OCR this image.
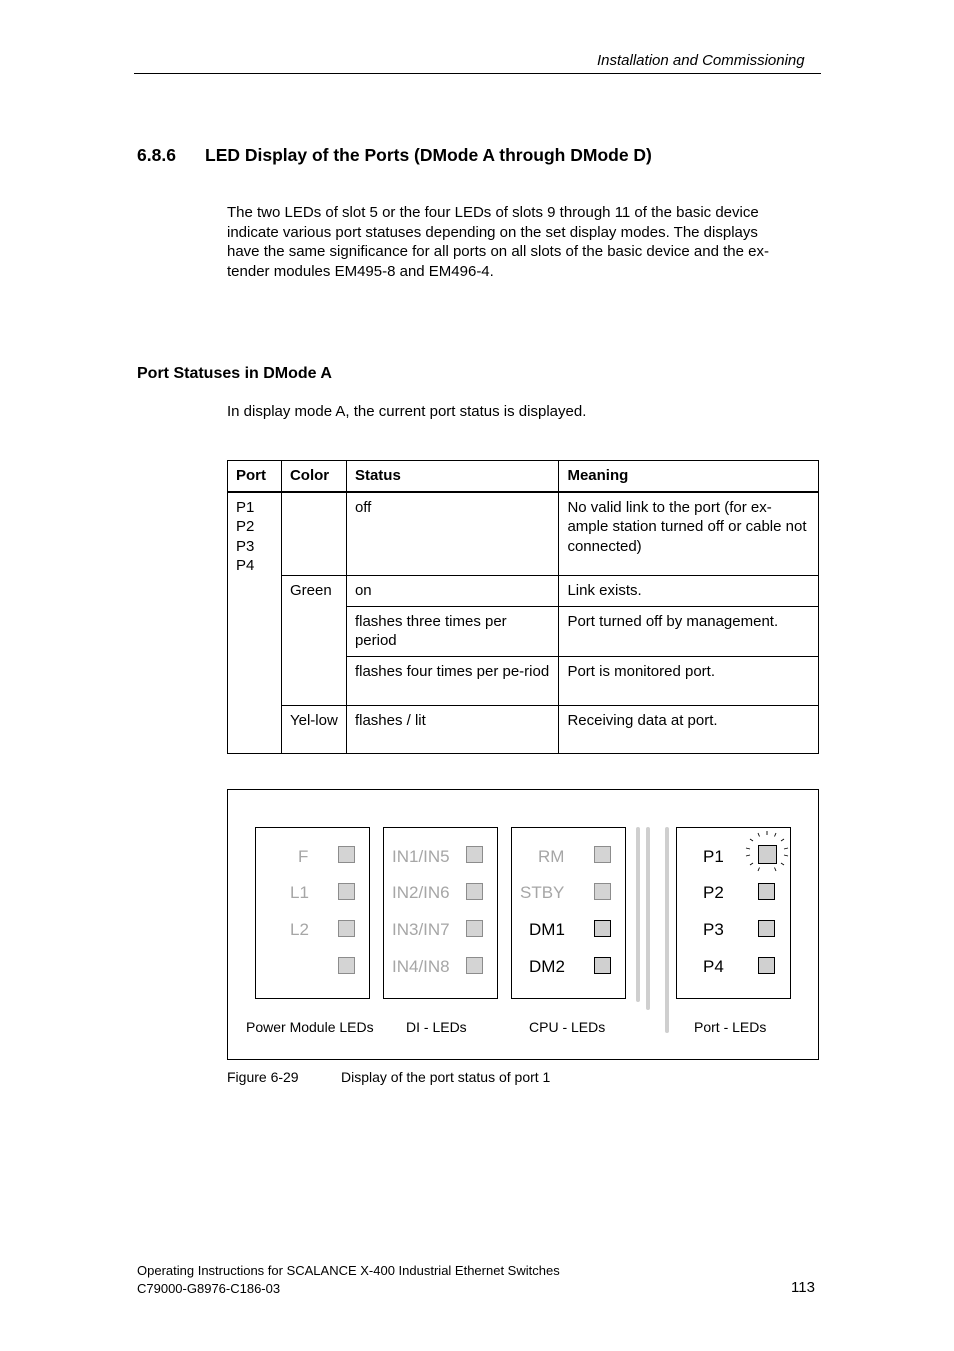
Installation and Commissioning
6.8.6 LED Display of the Ports (DMode A through DMode D)
The two LEDs of slot 5 or the four LEDs of slots 9 through 11 of the basic device
indicate various port statuses depending on the set display modes. The displays
have the same significance for all ports on all slots of the basic device and the ex-
tender modules EM495-8 and EM496-4.
Port Statuses in DMode A
In display mode A, the current port status is displayed.
Port	Color	Status	Meaning

P1
P2
P3
P4		off	No valid link to the port (for ex-ample station turned off or cable not connected)
	Green	on	Link exists.
		flashes three times per period	Port turned off by management.
		flashes four times per pe-riod	Port is monitored port.
	Yel-low	flashes / lit	Receiving data at port.
F
L1
L2
IN1/IN5
IN2/IN6
IN3/IN7
IN4/IN8
RM
STBY
DM1
DM2
P1
P2
P3
P4
Power Module LEDs DI - LEDs	CPU - LEDs	Port - LEDs
Figure 6-29	Display of the port status of port 1
Operating Instructions for SCALANCE X-400 Industrial Ethernet Switches
C79000-G8976-C186-03	113
